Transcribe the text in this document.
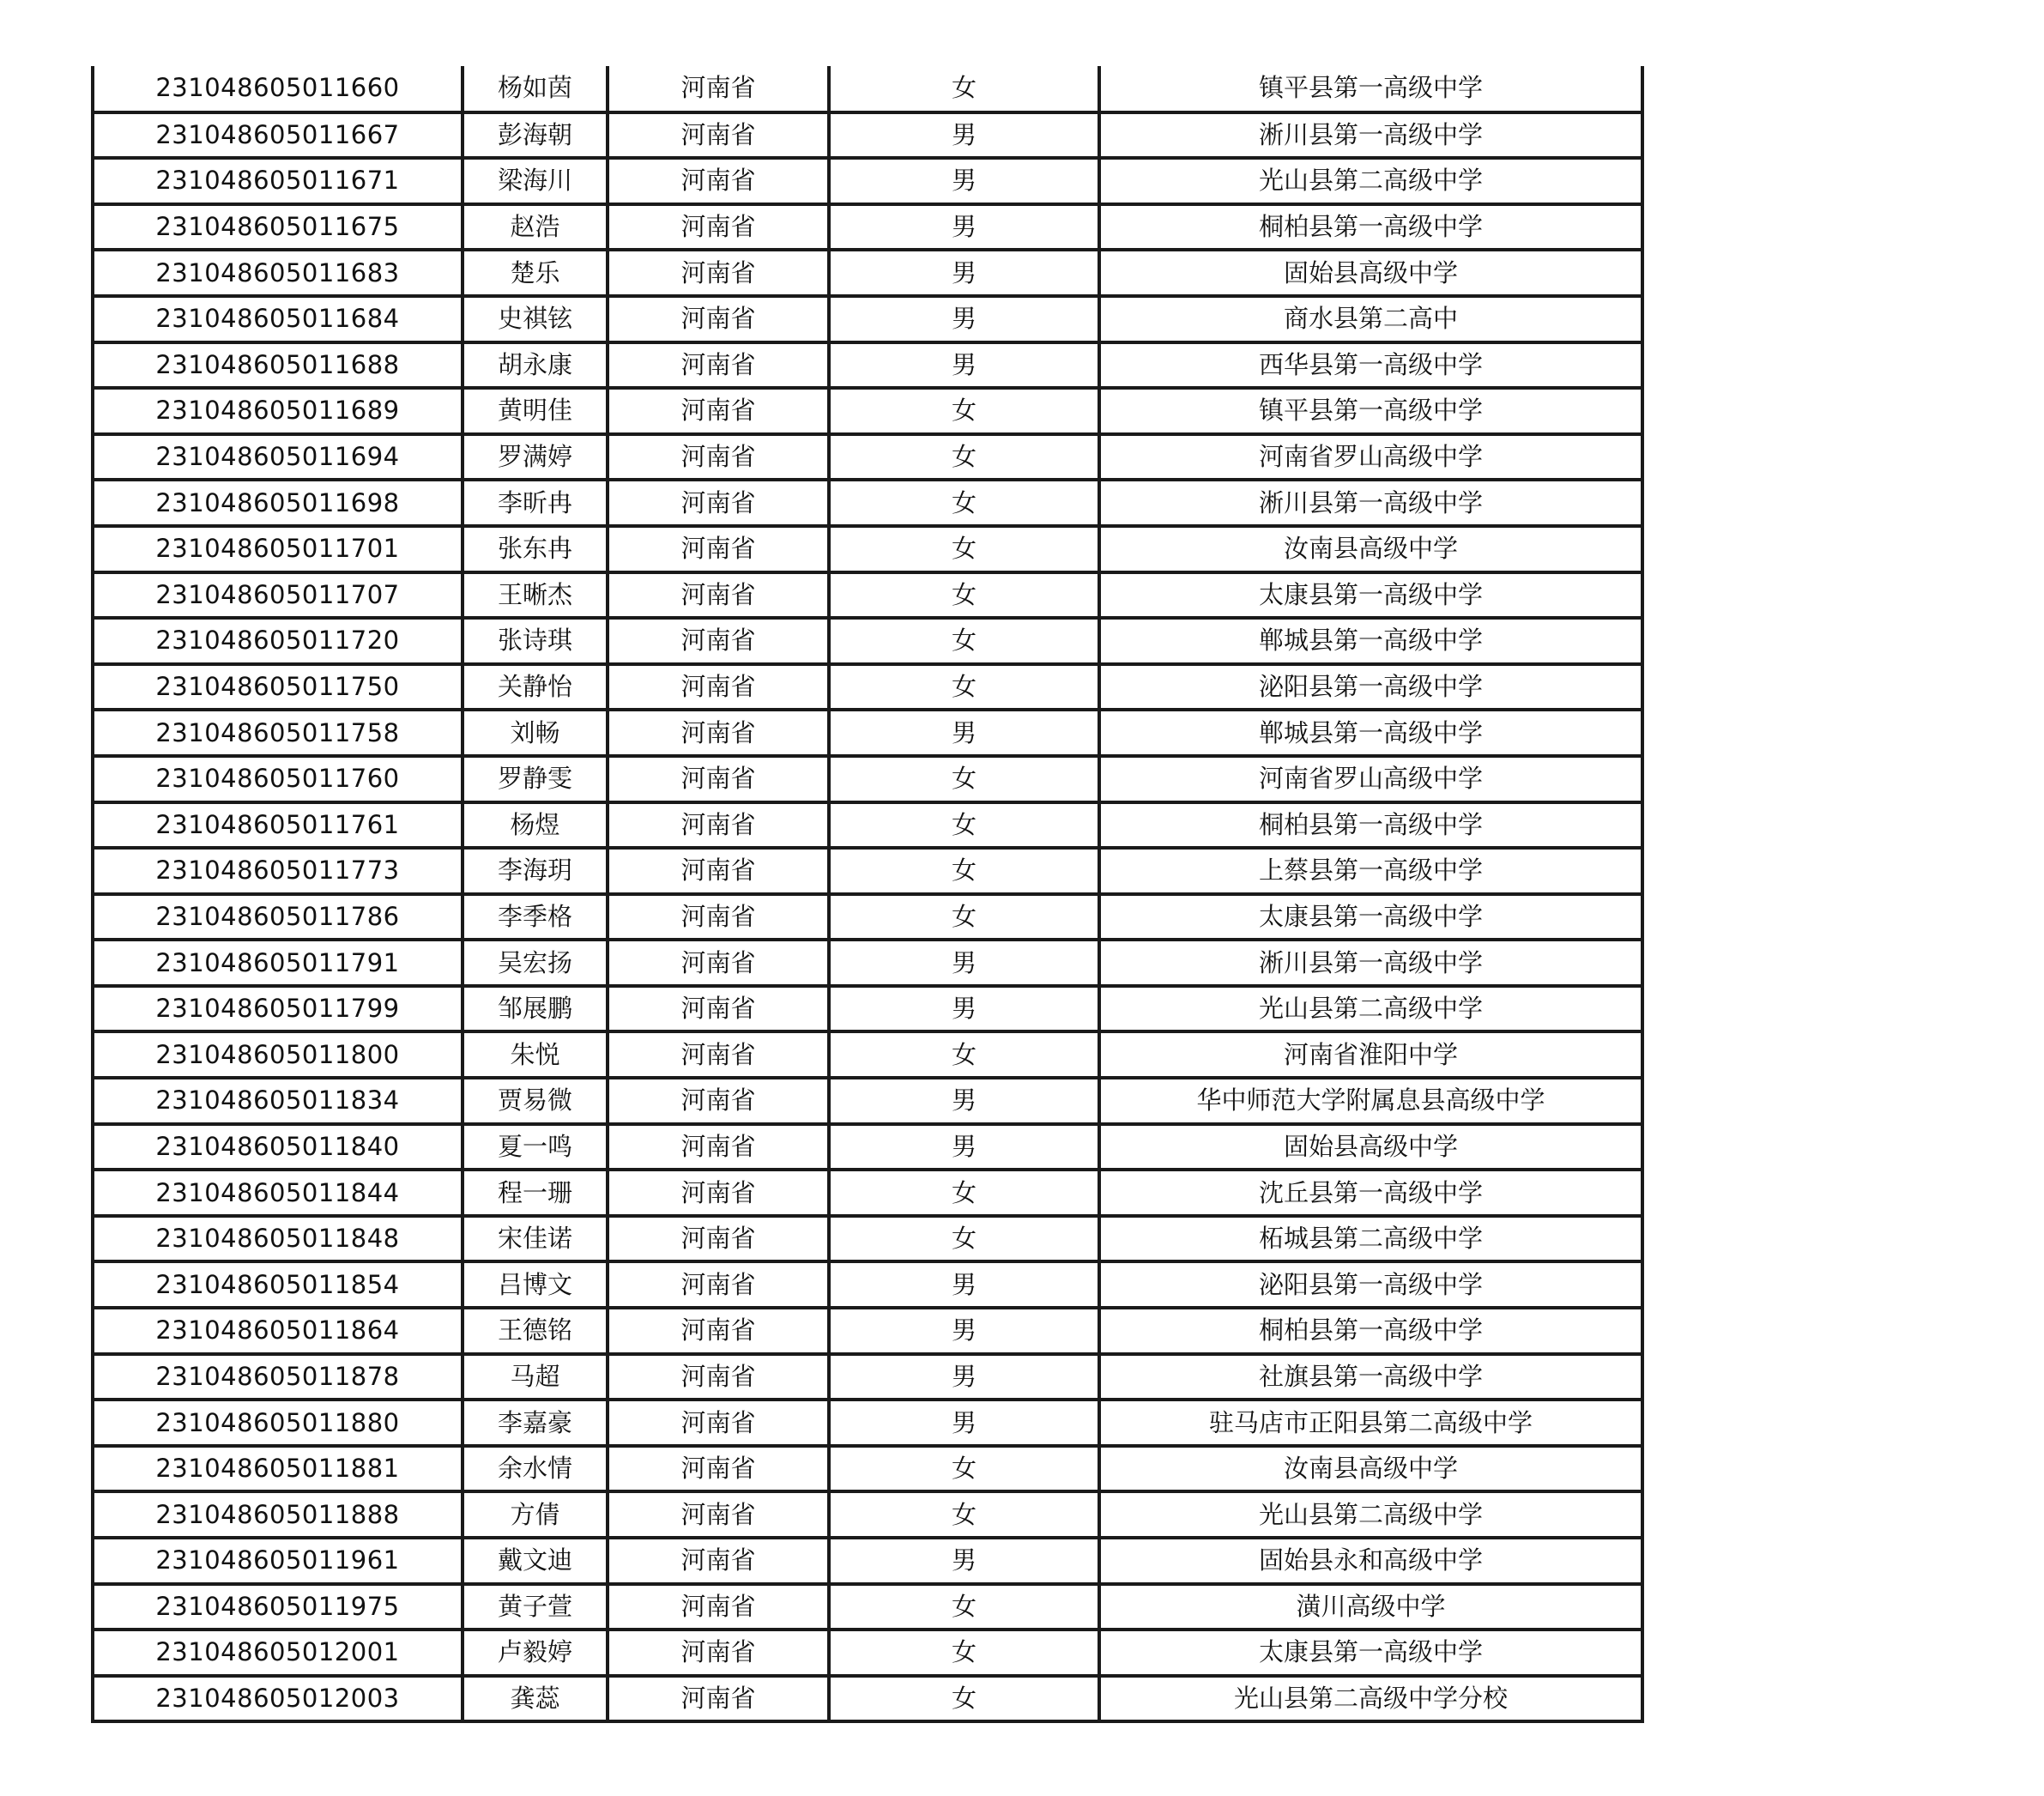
231048605011660	杨如茵	河南省	女	镇平县第一高级中学
231048605011667	彭海朝	河南省	男	淅川县第一高级中学
231048605011671	梁海川	河南省	男	光山县第二高级中学
231048605011675	赵浩	河南省	男	桐柏县第一高级中学
231048605011683	楚乐	河南省	男	固始县高级中学
231048605011684	史祺铉	河南省	男	商水县第二高中
231048605011688	胡永康	河南省	男	西华县第一高级中学
231048605011689	黄明佳	河南省	女	镇平县第一高级中学
231048605011694	罗满婷	河南省	女	河南省罗山高级中学
231048605011698	李昕冉	河南省	女	淅川县第一高级中学
231048605011701	张东冉	河南省	女	汝南县高级中学
231048605011707	王晰杰	河南省	女	太康县第一高级中学
231048605011720	张诗琪	河南省	女	郸城县第一高级中学
231048605011750	关静怡	河南省	女	泌阳县第一高级中学
231048605011758	刘畅	河南省	男	郸城县第一高级中学
231048605011760	罗静雯	河南省	女	河南省罗山高级中学
231048605011761	杨煜	河南省	女	桐柏县第一高级中学
231048605011773	李海玥	河南省	女	上蔡县第一高级中学
231048605011786	李季格	河南省	女	太康县第一高级中学
231048605011791	吴宏扬	河南省	男	淅川县第一高级中学
231048605011799	邹展鹏	河南省	男	光山县第二高级中学
231048605011800	朱悦	河南省	女	河南省淮阳中学
231048605011834	贾易微	河南省	男	华中师范大学附属息县高级中学
231048605011840	夏一鸣	河南省	男	固始县高级中学
231048605011844	程一珊	河南省	女	沈丘县第一高级中学
231048605011848	宋佳诺	河南省	女	柘城县第二高级中学
231048605011854	吕博文	河南省	男	泌阳县第一高级中学
231048605011864	王德铭	河南省	男	桐柏县第一高级中学
231048605011878	马超	河南省	男	社旗县第一高级中学
231048605011880	李嘉豪	河南省	男	驻马店市正阳县第二高级中学
231048605011881	余水情	河南省	女	汝南县高级中学
231048605011888	方倩	河南省	女	光山县第二高级中学
231048605011961	戴文迪	河南省	男	固始县永和高级中学
231048605011975	黄子萱	河南省	女	潢川高级中学
231048605012001	卢毅婷	河南省	女	太康县第一高级中学
231048605012003	龚蕊	河南省	女	光山县第二高级中学分校
